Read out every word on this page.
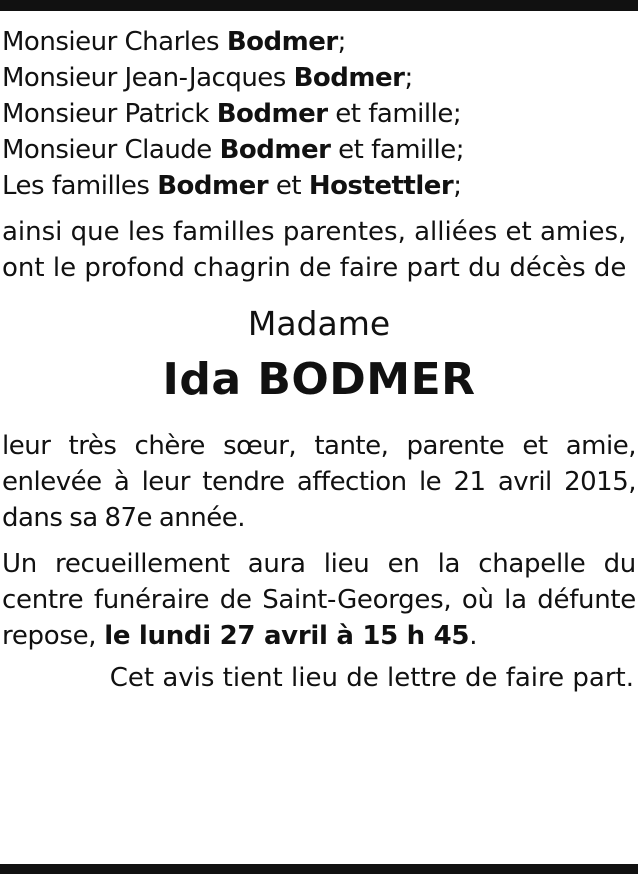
Monsieur Charles Bodmer;
Monsieur Jean-Jacques Bodmer;
Monsieur Patrick Bodmer et famille;
Monsieur Claude Bodmer et famille;
Les familles Bodmer et Hostettler;

ainsi que les familles parentes, alliées et amies,

ont le profond chagrin de faire part du décès de

Madame
Ida BODMER

leur très chère sœur, tante, parente et amie, enlevée à leur tendre affection le 21 avril 2015, dans sa 87e année.

Un recueillement aura lieu en la chapelle du centre funéraire de Saint-Georges, où la défunte repose, le lundi 27 avril à 15 h 45.

Cet avis tient lieu de lettre de faire part.
